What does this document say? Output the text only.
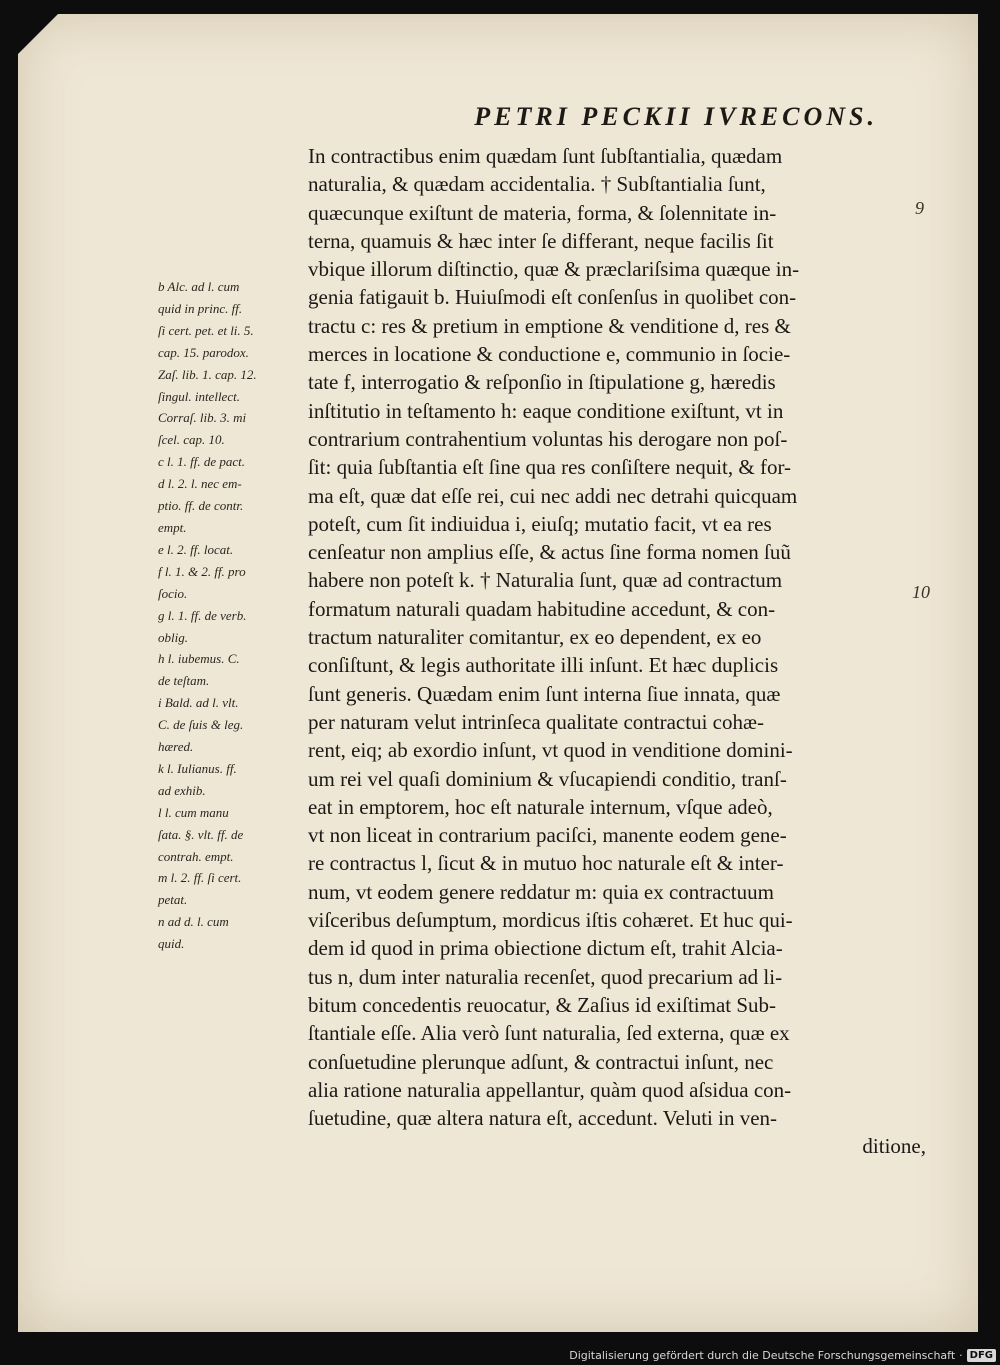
PETRI PECKII IVRECONS.
b Alc. ad l. cum
quid in princ. ff.
ſi cert. pet. et li. 5.
cap. 15. parodox.
Zaſ. lib. 1. cap. 12.
ſingul. intellect.
Corraſ. lib. 3. mi
ſcel. cap. 10.
c l. 1. ff. de pact.
d l. 2. l. nec em-
ptio. ff. de contr.
empt.
e l. 2. ff. locat.
f l. 1. & 2. ff. pro
ſocio.
g l. 1. ff. de verb.
oblig.
h l. iubemus. C.
de teſtam.
i Bald. ad l. vlt.
C. de ſuis & leg.
hæred.
k l. Iulianus. ff.
ad exhib.
l l. cum manu
ſata. §. vlt. ff. de
contrah. empt.
m l. 2. ff. ſi cert.
petat.
n ad d. l. cum
quid.
In contractibus enim quædam ſunt ſubſtantialia, quædam
naturalia, & quædam accidentalia. † Subſtantialia ſunt,
quæcunque exiſtunt de materia, forma, & ſolennitate in-
terna, quamuis & hæc inter ſe differant, neque facilis ſit
vbique illorum diſtinctio, quæ & præclariſsima quæque in-
genia fatigauit b. Huiuſmodi eſt conſenſus in quolibet con-
tractu c: res & pretium in emptione & venditione d, res &
merces in locatione & conductione e, communio in ſocie-
tate f, interrogatio & reſponſio in ſtipulatione g, hæredis
inſtitutio in teſtamento h: eaque conditione exiſtunt, vt in
contrarium contrahentium voluntas his derogare non poſ-
ſit: quia ſubſtantia eſt ſine qua res conſiſtere nequit, & for-
ma eſt, quæ dat eſſe rei, cui nec addi nec detrahi quicquam
poteſt, cum ſit indiuidua i, eiuſq; mutatio facit, vt ea res
cenſeatur non amplius eſſe, & actus ſine forma nomen ſuũ
habere non poteſt k. † Naturalia ſunt, quæ ad contractum
formatum naturali quadam habitudine accedunt, & con-
tractum naturaliter comitantur, ex eo dependent, ex eo
conſiſtunt, & legis authoritate illi inſunt. Et hæc duplicis
ſunt generis. Quædam enim ſunt interna ſiue innata, quæ
per naturam velut intrinſeca qualitate contractui cohæ-
rent, eiq; ab exordio inſunt, vt quod in venditione domini-
um rei vel quaſi dominium & vſucapiendi conditio, tranſ-
eat in emptorem, hoc eſt naturale internum, vſque adeò,
vt non liceat in contrarium paciſci, manente eodem gene-
re contractus l, ſicut & in mutuo hoc naturale eſt & inter-
num, vt eodem genere reddatur m: quia ex contractuum
viſceribus deſumptum, mordicus iſtis cohæret. Et huc qui-
dem id quod in prima obiectione dictum eſt, trahit Alcia-
tus n, dum inter naturalia recenſet, quod precarium ad li-
bitum concedentis reuocatur, & Zaſius id exiſtimat Sub-
ſtantiale eſſe. Alia verò ſunt naturalia, ſed externa, quæ ex
conſuetudine plerunque adſunt, & contractui inſunt, nec
alia ratione naturalia appellantur, quàm quod aſsidua con-
ſuetudine, quæ altera natura eſt, accedunt. Veluti in ven-
ditione,
9
10
Digitalisierung gefördert durch die Deutsche Forschungsgemeinschaft · DFG
